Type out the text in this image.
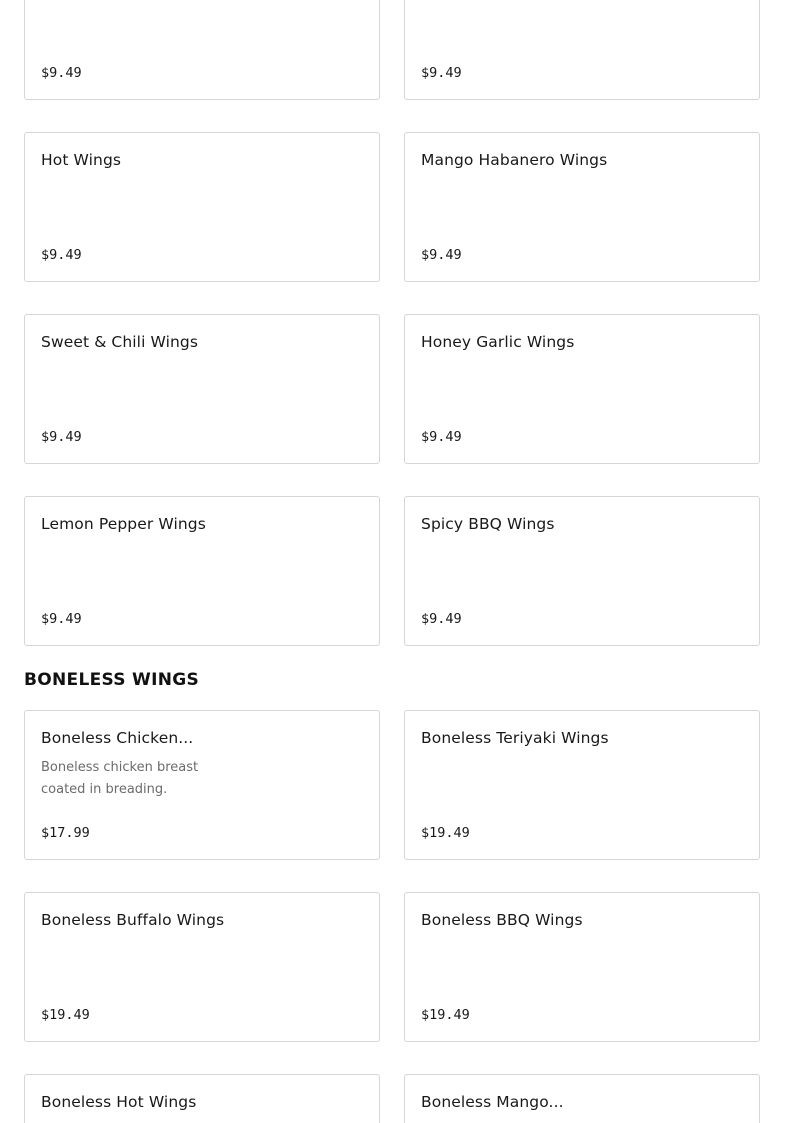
$9.49	$9.49
Hot Wings
$9.49
Mango Habanero Wings
$9.49
Sweet & Chili Wings
$9.49
Honey Garlic Wings
$9.49
Lemon Pepper Wings
$9.49
Spicy BBQ Wings
$9.49
BONELESS WINGS
Boneless Chicken...
Boneless chicken breast coated in breading.
$17.99
Boneless Teriyaki Wings
$19.49
Boneless Buffalo Wings
$19.49
Boneless BBQ Wings
$19.49
Boneless Hot Wings	Boneless Mango...
